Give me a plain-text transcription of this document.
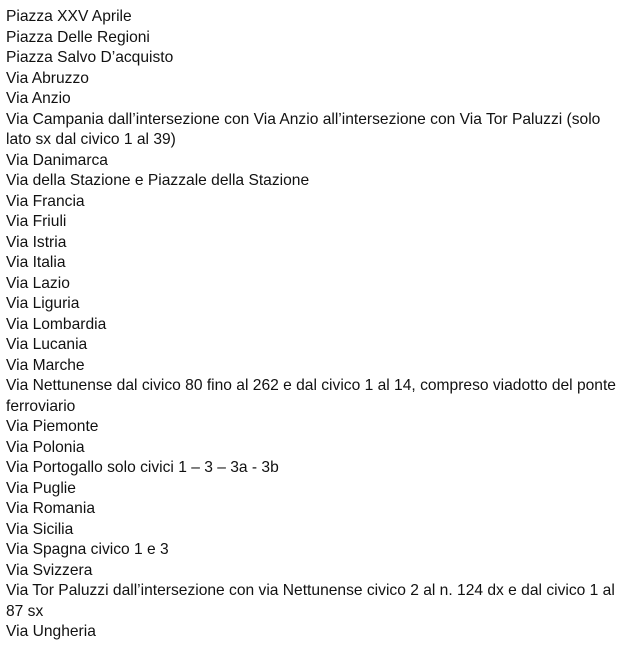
Piazza XXV Aprile
Piazza Delle Regioni
Piazza Salvo D’acquisto
Via Abruzzo
Via Anzio
Via Campania dall’intersezione con Via Anzio all’intersezione con Via Tor Paluzzi (solo lato sx dal civico 1 al 39)
Via Danimarca
Via della Stazione e Piazzale della Stazione
Via Francia
Via Friuli
Via Istria
Via Italia
Via Lazio
Via Liguria
Via Lombardia
Via Lucania
Via Marche
Via Nettunense dal civico 80 fino al 262 e dal civico 1 al 14, compreso viadotto del ponte ferroviario
Via Piemonte
Via Polonia
Via Portogallo solo civici 1 – 3 – 3a - 3b
Via Puglie
Via Romania
Via Sicilia
Via Spagna civico 1 e 3
Via Svizzera
Via Tor Paluzzi dall’intersezione con via Nettunense civico 2 al n. 124 dx e dal civico 1 al 87 sx
Via Ungheria
